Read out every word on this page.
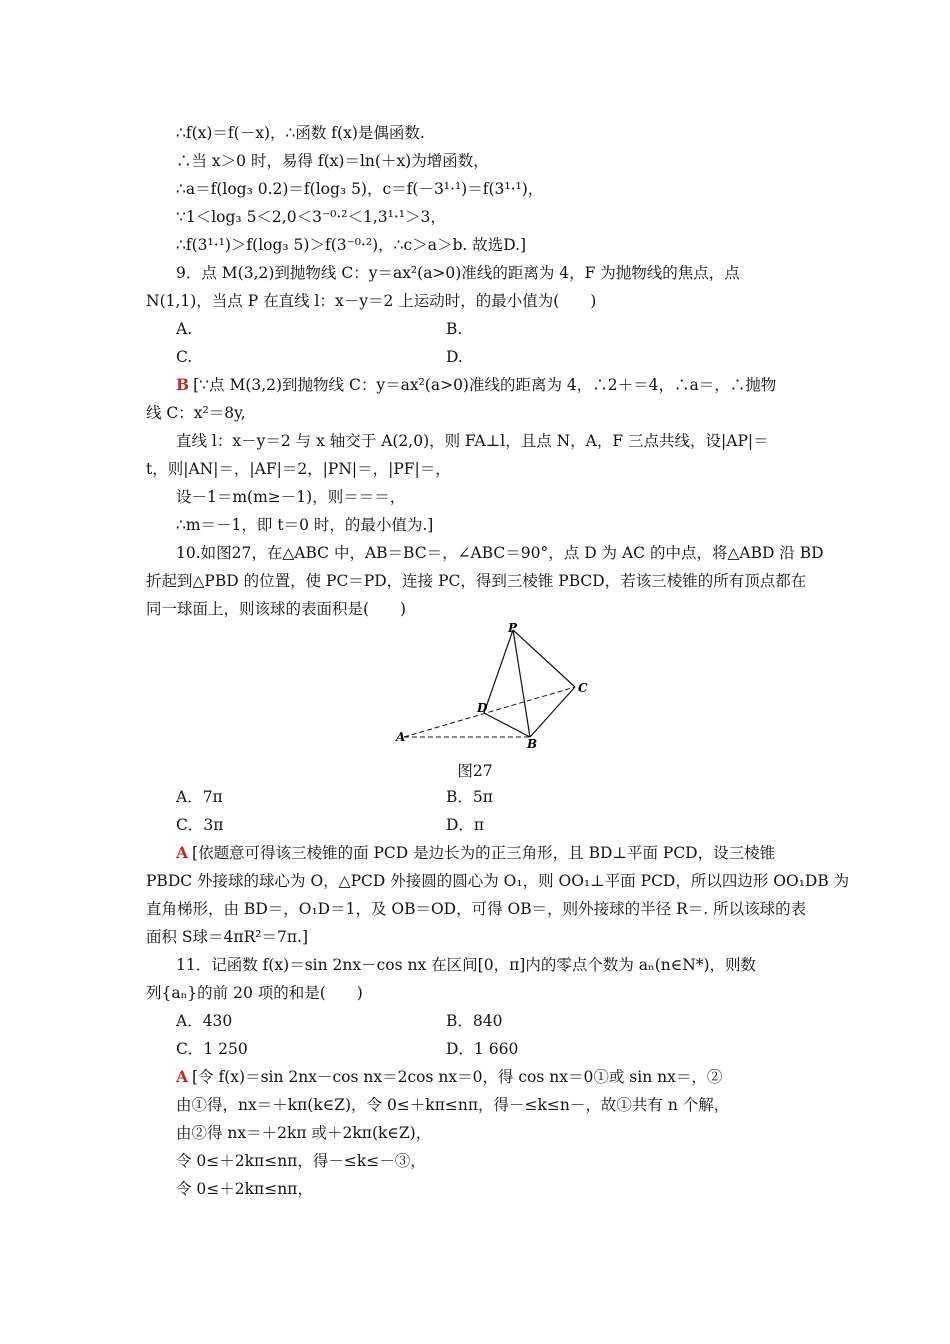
∴f(x)＝f(－x)，∴函数 f(x)是偶函数.
∴当 x＞0 时，易得 f(x)＝ln(＋x)为增函数，
∴a＝f(log₃ 0.2)＝f(log₃ 5)，c＝f(－3¹·¹)＝f(3¹·¹)，
∵1＜log₃ 5＜2,0＜3⁻⁰·²＜1,3¹·¹＞3，
∴f(3¹·¹)＞f(log₃ 5)＞f(3⁻⁰·²)，∴c＞a＞b. 故选D.]
9．点 M(3,2)到抛物线 C：y＝ax²(a>0)准线的距离为 4，F 为抛物线的焦点，点
N(1,1)，当点 P 在直线 l：x－y＝2 上运动时，的最小值为(　　)
A.	B.
C.	D.
B [∵点 M(3,2)到抛物线 C：y＝ax²(a>0)准线的距离为 4，∴2＋＝4，∴a＝，∴抛物
线 C：x²＝8y,
直线 l：x－y＝2 与 x 轴交于 A(2,0)，则 FA⊥l，且点 N，A，F 三点共线，设|AP|＝
t，则|AN|＝，|AF|＝2，|PN|＝，|PF|＝，
设－1＝m(m≥－1)，则＝＝＝，
∴m＝－1，即 t＝0 时，的最小值为.]
10.如图27，在△ABC 中，AB＝BC＝，∠ABC＝90°，点 D 为 AC 的中点，将△ABD 沿 BD
折起到△PBD 的位置，使 PC＝PD，连接 PC，得到三棱锥 PBCD，若该三棱锥的所有顶点都在
同一球面上，则该球的表面积是(　　)
P
C
D
A	B
图27
A．7π	B．5π
C．3π	D．π
A [依题意可得该三棱锥的面 PCD 是边长为的正三角形，且 BD⊥平面 PCD，设三棱锥
PBDC 外接球的球心为 O，△PCD 外接圆的圆心为 O₁，则 OO₁⊥平面 PCD，所以四边形 OO₁DB 为
直角梯形，由 BD＝，O₁D＝1，及 OB＝OD，可得 OB＝，则外接球的半径 R＝. 所以该球的表
面积 S球＝4πR²＝7π.]
11．记函数 f(x)＝sin 2nx－cos nx 在区间[0，π]内的零点个数为 aₙ(n∈N*)，则数
列{aₙ}的前 20 项的和是(　　)
A．430	B．840
C．1 250	D．1 660
A [令 f(x)＝sin 2nx－cos nx＝2cos nx＝0，得 cos nx＝0①或 sin nx＝，②
由①得，nx＝＋kπ(k∈Z)，令 0≤＋kπ≤nπ，得－≤k≤n－，故①共有 n 个解，
由②得 nx＝＋2kπ 或＋2kπ(k∈Z)，
令 0≤＋2kπ≤nπ，得－≤k≤－③，
令 0≤＋2kπ≤nπ，
